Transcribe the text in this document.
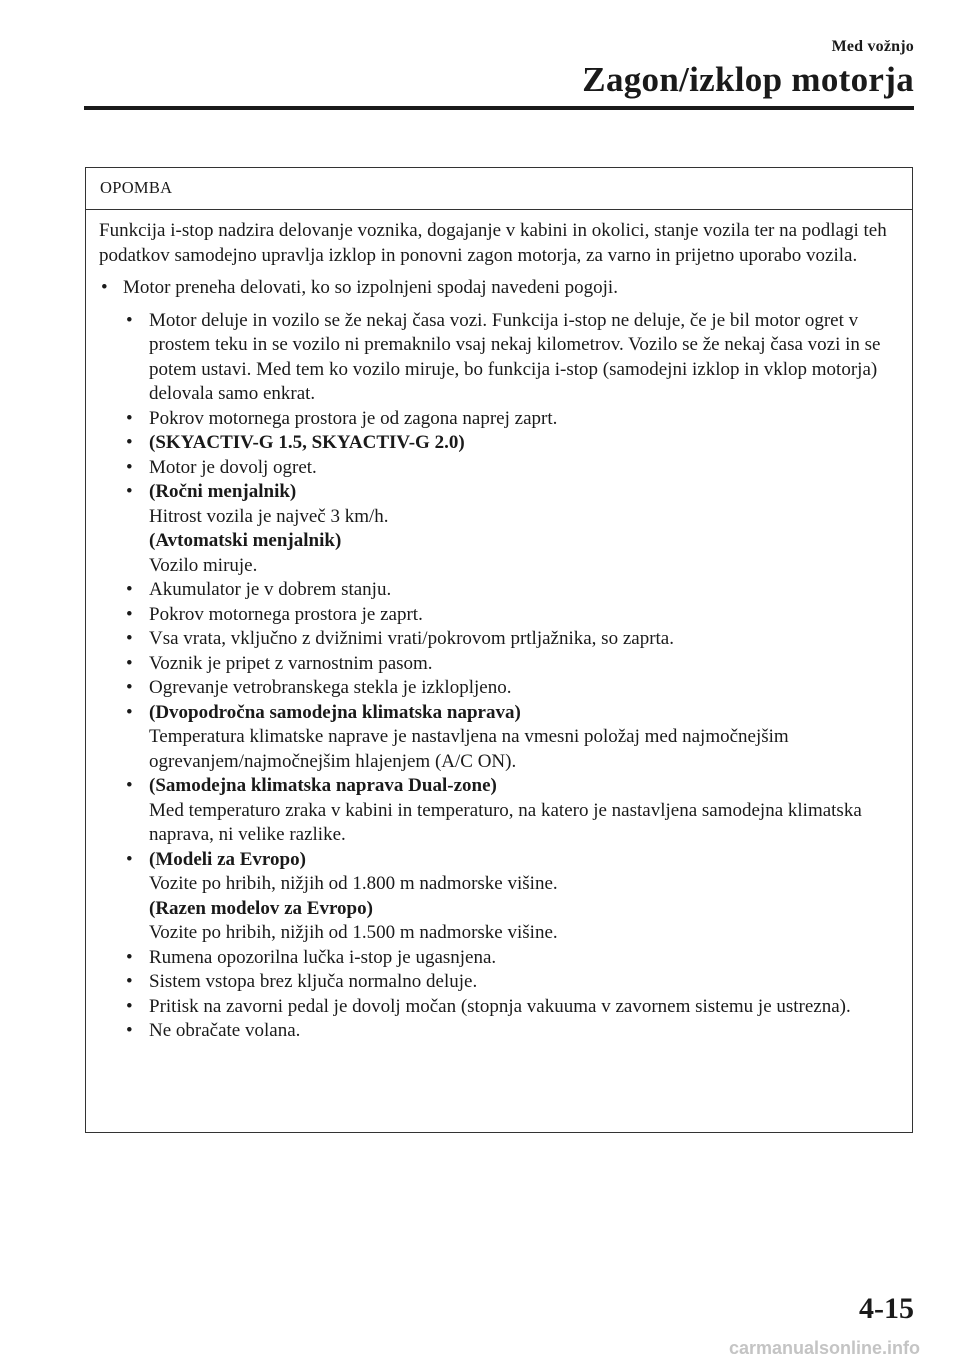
Med vožnjo
Zagon/izklop motorja
OPOMBA

Funkcija i-stop nadzira delovanje voznika, dogajanje v kabini in okolici, stanje vozila ter na podlagi teh podatkov samodejno upravlja izklop in ponovni zagon motorja, za varno in prijetno uporabo vozila.

• Motor preneha delovati, ko so izpolnjeni spodaj navedeni pogoji.
• Motor deluje in vozilo se že nekaj časa vozi. Funkcija i-stop ne deluje, če je bil motor ogret v prostem teku in se vozilo ni premaknilo vsaj nekaj kilometrov. Vozilo se že nekaj časa vozi in se potem ustavi. Med tem ko vozilo miruje, bo funkcija i-stop (samodejni izklop in vklop motorja) delovala samo enkrat.
• Pokrov motornega prostora je od zagona naprej zaprt.
• (SKYACTIV-G 1.5, SKYACTIV-G 2.0)
• Motor je dovolj ogret.
• (Ročni menjalnik)
Hitrost vozila je največ 3 km/h.
(Avtomatski menjalnik)
Vozilo miruje.
• Akumulator je v dobrem stanju.
• Pokrov motornega prostora je zaprt.
• Vsa vrata, vključno z dvižnimi vrati/pokrovom prtljažnika, so zaprta.
• Voznik je pripet z varnostnim pasom.
• Ogrevanje vetrobranskega stekla je izklopljeno.
• (Dvopodročna samodejna klimatska naprava)
Temperatura klimatske naprave je nastavljena na vmesni položaj med najmočnejšim ogrevanjem/najmočnejšim hlajenjem (A/C ON).
• (Samodejna klimatska naprava Dual-zone)
Med temperaturo zraka v kabini in temperaturo, na katero je nastavljena samodejna klimatska naprava, ni velike razlike.
• (Modeli za Evropo)
Vozite po hribih, nižjih od 1.800 m nadmorske višine.
(Razen modelov za Evropo)
Vozite po hribih, nižjih od 1.500 m nadmorske višine.
• Rumena opozorilna lučka i-stop je ugasnjena.
• Sistem vstopa brez ključa normalno deluje.
• Pritisk na zavorni pedal je dovolj močan (stopnja vakuuma v zavornem sistemu je ustrezna).
• Ne obračate volana.
4-15
carmanualsonline.info
